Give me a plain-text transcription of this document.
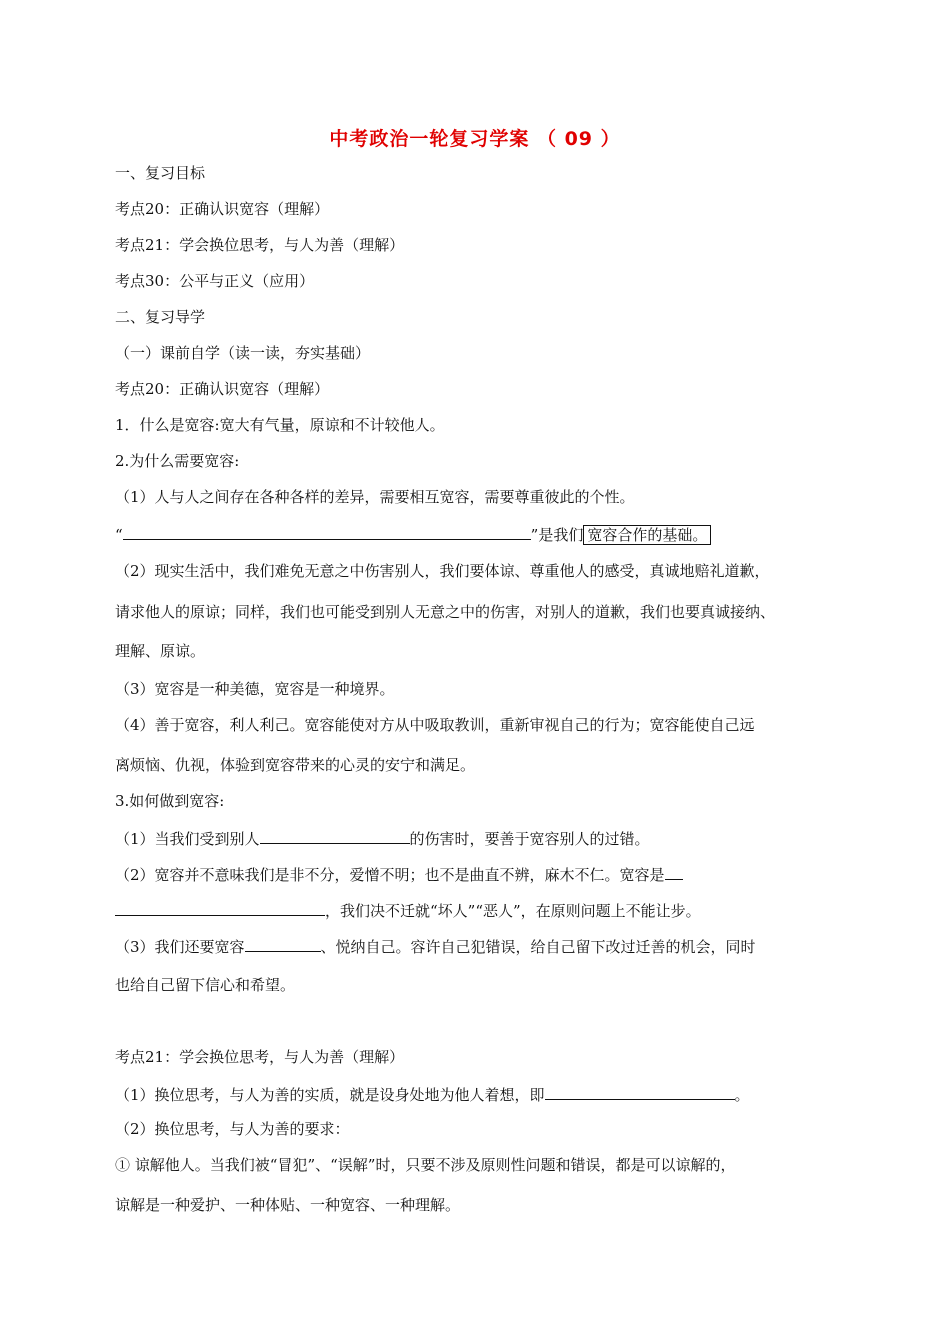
中考政治一轮复习学案 （ 09 ）
一、复习目标
考点20：正确认识宽容（理解）
考点21：学会换位思考，与人为善（理解）
考点30：公平与正义（应用）
二、复习导学
（一）课前自学（读一读，夯实基础）
考点20：正确认识宽容（理解）
1．什么是宽容:宽大有气量，原谅和不计较他人。
2.为什么需要宽容:
（1）人与人之间存在各种各样的差异，需要相互宽容，需要尊重彼此的个性。
“	”是我们 宽容合作的基础。
（2）现实生活中，我们难免无意之中伤害别人，我们要体谅、尊重他人的感受，真诚地赔礼道歉，
请求他人的原谅；同样，我们也可能受到别人无意之中的伤害，对别人的道歉，我们也要真诚接纳、
理解、原谅。
（3）宽容是一种美德，宽容是一种境界。
（4）善于宽容，利人利己。宽容能使对方从中吸取教训，重新审视自己的行为；宽容能使自己远
离烦恼、仇视，体验到宽容带来的心灵的安宁和满足。
3.如何做到宽容:
（1）当我们受到别人	的伤害时，要善于宽容别人的过错。
（2）宽容并不意味我们是非不分，爱憎不明；也不是曲直不辨，麻木不仁。宽容是
，我们决不迁就“坏人”“恶人”，在原则问题上不能让步。
（3）我们还要宽容	、悦纳自己。容许自己犯错误，给自己留下改过迁善的机会，同时
也给自己留下信心和希望。
考点21：学会换位思考，与人为善（理解）
（1）换位思考，与人为善的实质，就是设身处地为他人着想，即	。
（2）换位思考，与人为善的要求：
① 谅解他人。当我们被“冒犯”、“误解”时，只要不涉及原则性问题和错误，都是可以谅解的，
谅解是一种爱护、一种体贴、一种宽容、一种理解。
